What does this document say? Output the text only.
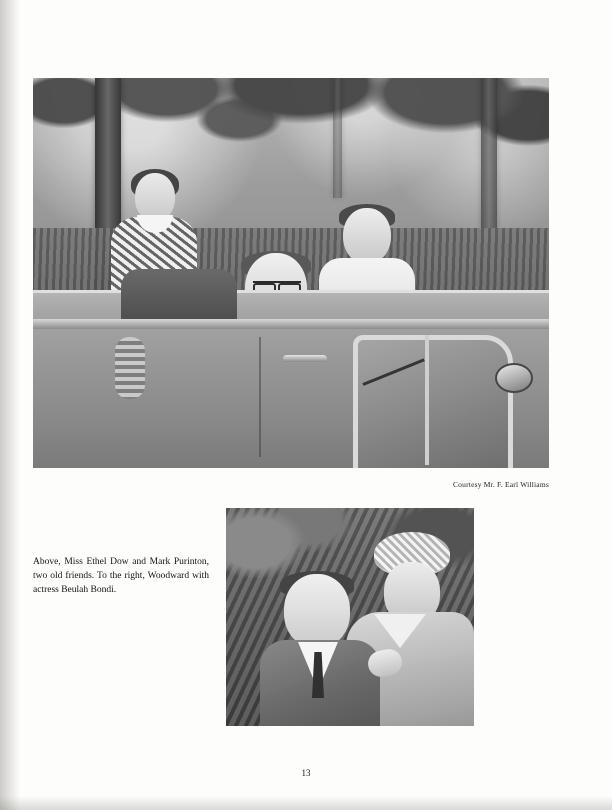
Courtesy Mr. F. Earl Williams
Above, Miss Ethel Dow and Mark Purinton, two old friends. To the right, Woodward with actress Beulah Bondi.
13
